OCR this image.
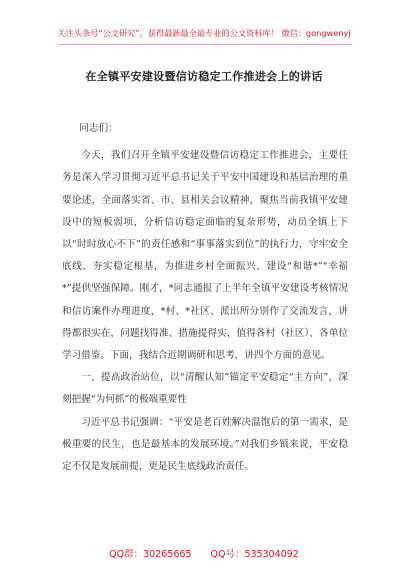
关注头条号“公文研究”，获得最新最全最专业的公文资料库！ 微信：gongwenyj
在全镇平安建设暨信访稳定工作推进会上的讲话

同志们：

今天，我们召开全镇平安建设暨信访稳定工作推进会，主要任务是深入学习贯彻习近平总书记关于平安中国建设和基层治理的重要论述，全面落实省、市、县相关会议精神，聚焦当前我镇平安建设中的短板弱项，分析信访稳定面临的复杂形势，动员全镇上下以“时时放心不下”的责任感和“事事落实到位”的执行力，守牢安全底线、夯实稳定根基，为推进乡村全面振兴、建设“和谐*”“幸福*”提供坚强保障。刚才，*同志通报了上半年全镇平安建设考核情况和信访案件办理进度，*村、*社区、派出所分别作了交流发言，讲得都很实在，问题找得准、措施提得实，值得各村（社区）、各单位学习借鉴。下面，我结合近期调研和思考，讲四个方面的意见。

一、提高政治站位，以“清醒认知”锚定平安稳定“主方向”，深刻把握“为何抓”的极端重要性

习近平总书记强调：“平安是老百姓解决温饱后的第一需求，是极重要的民生，也是最基本的发展环境。”对我们乡镇来说，平安稳定不仅是发展前提，更是民生底线政治责任。

QQ群：30265665 QQ号：535304092
